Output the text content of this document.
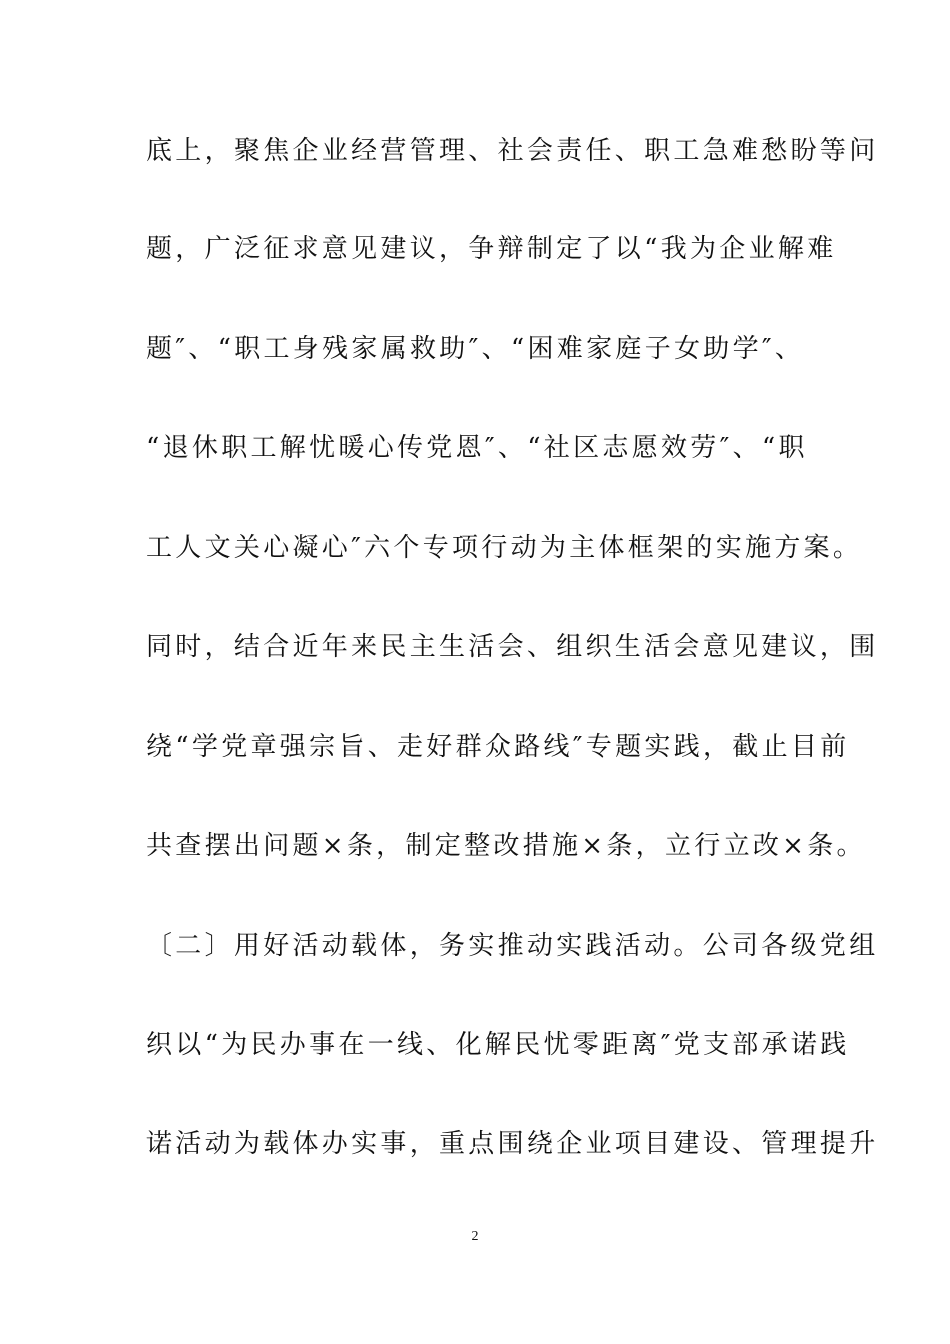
底上，聚焦企业经营管理、社会责任、职工急难愁盼等问
题，广泛征求意见建议，争辩制定了以“我为企业解难
题″、“职工身残家属救助″、“困难家庭子女助学″、
“退休职工解忧暖心传党恩″、“社区志愿效劳″、“职
工人文关心凝心″六个专项行动为主体框架的实施方案。
同时，结合近年来民主生活会、组织生活会意见建议，围
绕“学党章强宗旨、走好群众路线″专题实践，截止目前
共查摆出问题×条，制定整改措施×条，立行立改×条。
〔二〕用好活动载体，务实推动实践活动。公司各级党组
织以“为民办事在一线、化解民忧零距离″党支部承诺践
诺活动为载体办实事，重点围绕企业项目建设、管理提升
2
